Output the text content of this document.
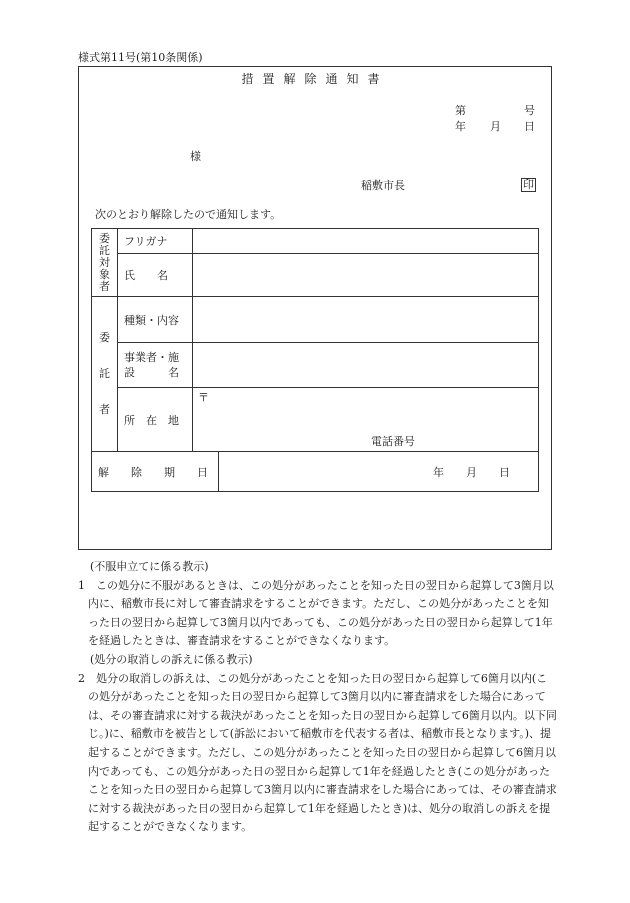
様式第11号(第10条関係)
措置解除通知書
第	号
年 月 日
様
稲敷市長	印
次のとおり解除したので通知します。
委託対象者	フリガナ		
	氏　　名		

委託者	種類・内容		

	事業者・施
設　　　名		

	所　在　地	〒
電話番号	

解　　除　　期　　日			年　　月　　日
(不服申立てに係る教示)
1　この処分に不服があるときは、この処分があったことを知った日の翌日から起算して3箇月以内に、稲敷市長に対して審査請求をすることができます。ただし、この処分があったことを知った日の翌日から起算して3箇月以内であっても、この処分があった日の翌日から起算して1年を経過したときは、審査請求をすることができなくなります。
(処分の取消しの訴えに係る教示)
2　処分の取消しの訴えは、この処分があったことを知った日の翌日から起算して6箇月以内(この処分があったことを知った日の翌日から起算して3箇月以内に審査請求をした場合にあっては、その審査請求に対する裁決があったことを知った日の翌日から起算して6箇月以内。以下同じ。)に、稲敷市を被告として(訴訟において稲敷市を代表する者は、稲敷市長となります。)、提起することができます。ただし、この処分があったことを知った日の翌日から起算して6箇月以内であっても、この処分があった日の翌日から起算して1年を経過したとき(この処分があったことを知った日の翌日から起算して3箇月以内に審査請求をした場合にあっては、その審査請求に対する裁決があった日の翌日から起算して1年を経過したとき)は、処分の取消しの訴えを提起することができなくなります。
